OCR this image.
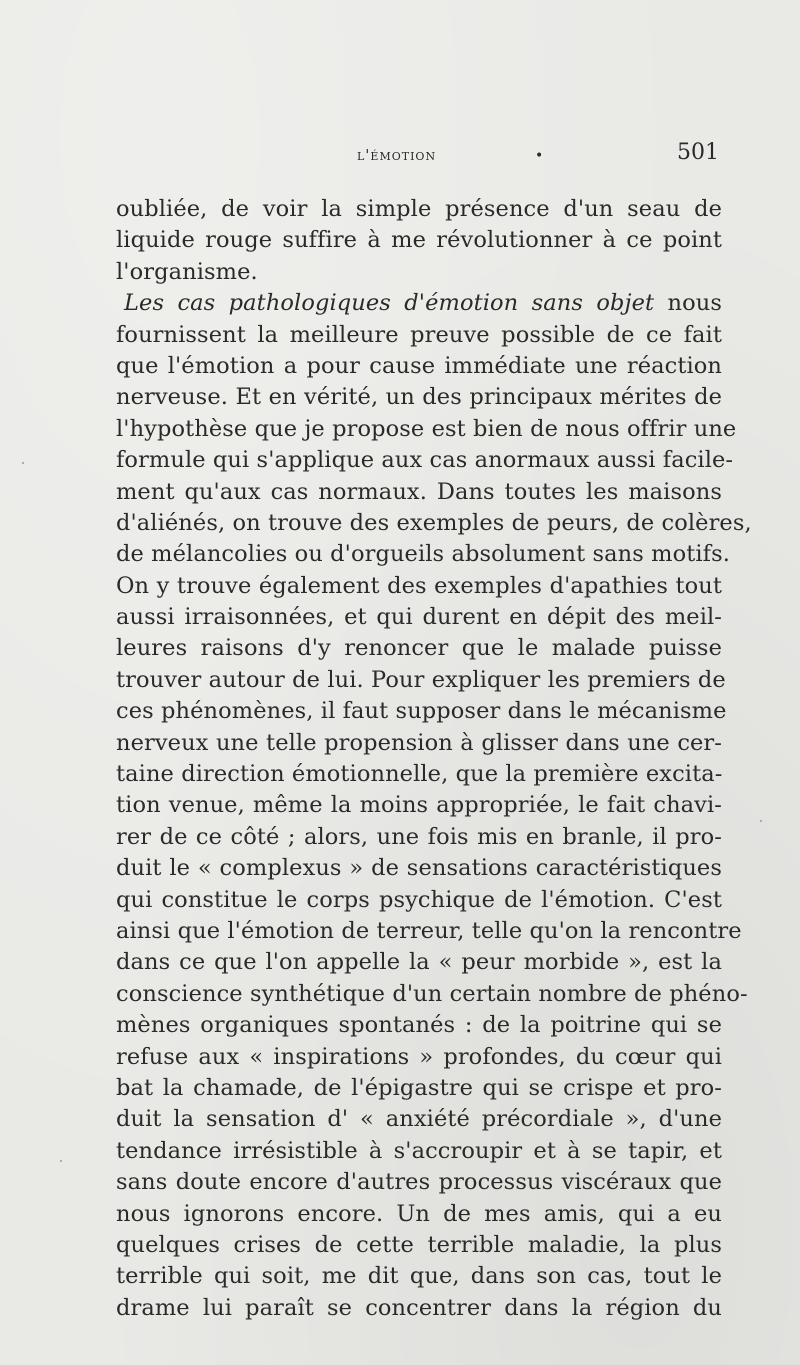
l'émotion	•	501
oubliée, de voir la simple présence d'un seau de
liquide rouge suffire à me révolutionner à ce point
l'organisme.
Les cas pathologiques d'émotion sans objet nous
fournissent la meilleure preuve possible de ce fait
que l'émotion a pour cause immédiate une réaction
nerveuse. Et en vérité, un des principaux mérites de
l'hypothèse que je propose est bien de nous offrir une
formule qui s'applique aux cas anormaux aussi facile-
ment qu'aux cas normaux. Dans toutes les maisons
d'aliénés, on trouve des exemples de peurs, de colères,
de mélancolies ou d'orgueils absolument sans motifs.
On y trouve également des exemples d'apathies tout
aussi irraisonnées, et qui durent en dépit des meil-
leures raisons d'y renoncer que le malade puisse
trouver autour de lui. Pour expliquer les premiers de
ces phénomènes, il faut supposer dans le mécanisme
nerveux une telle propension à glisser dans une cer-
taine direction émotionnelle, que la première excita-
tion venue, même la moins appropriée, le fait chavi-
rer de ce côté ; alors, une fois mis en branle, il pro-
duit le « complexus » de sensations caractéristiques
qui constitue le corps psychique de l'émotion. C'est
ainsi que l'émotion de terreur, telle qu'on la rencontre
dans ce que l'on appelle la « peur morbide », est la
conscience synthétique d'un certain nombre de phéno-
mènes organiques spontanés : de la poitrine qui se
refuse aux « inspirations » profondes, du cœur qui
bat la chamade, de l'épigastre qui se crispe et pro-
duit la sensation d' « anxiété précordiale », d'une
tendance irrésistible à s'accroupir et à se tapir, et
sans doute encore d'autres processus viscéraux que
nous ignorons encore. Un de mes amis, qui a eu
quelques crises de cette terrible maladie, la plus
terrible qui soit, me dit que, dans son cas, tout le
drame lui paraît se concentrer dans la région du
